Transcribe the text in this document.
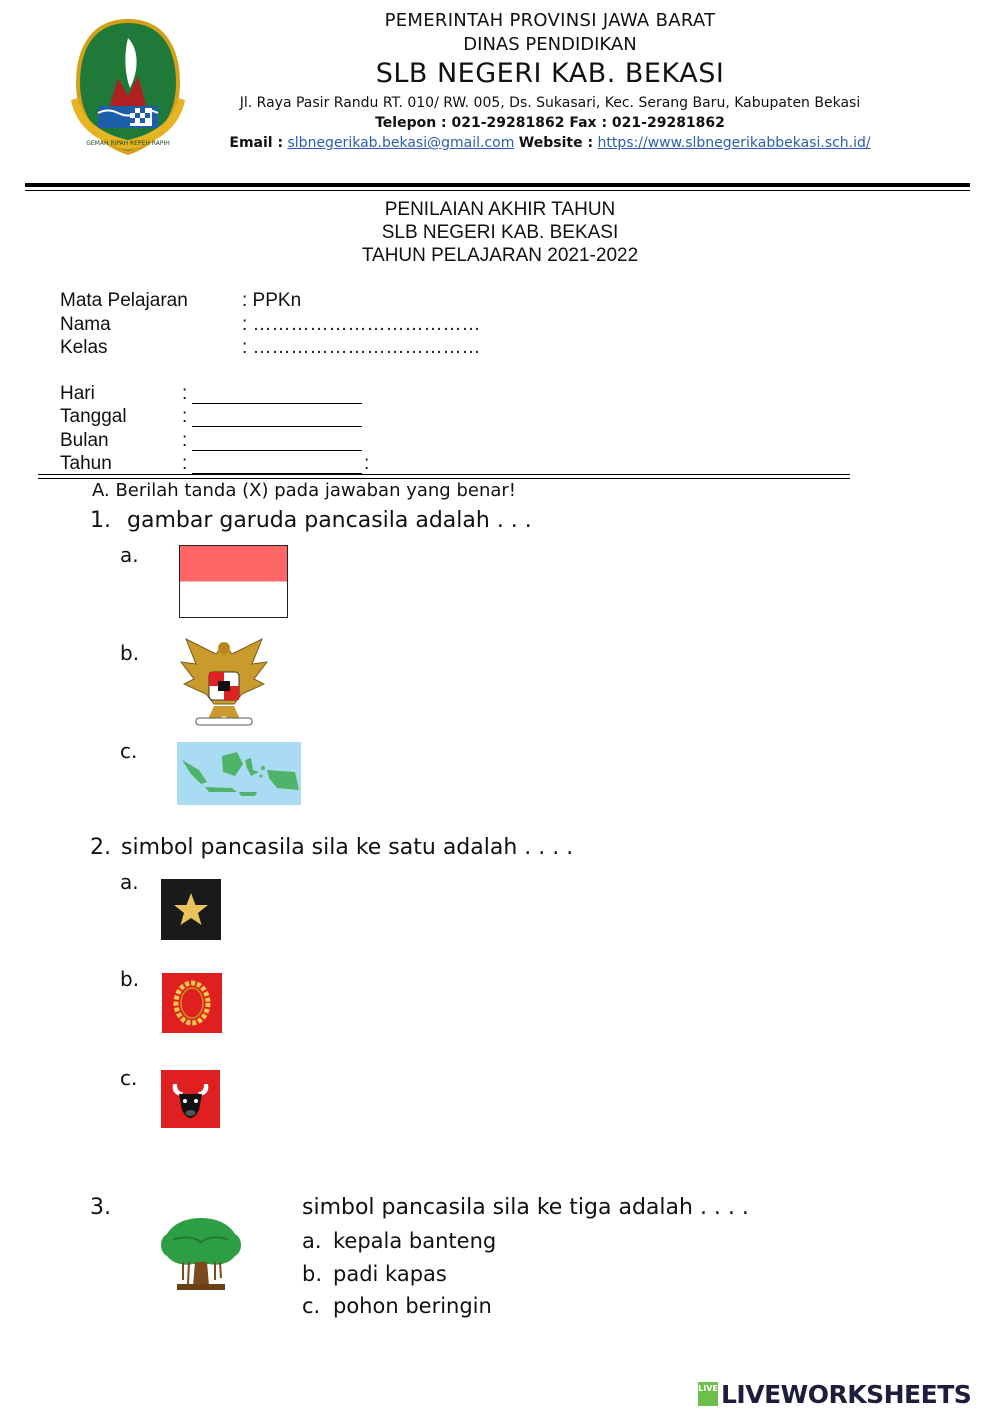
GEMAH RIPAH REPEH RAPIH
PEMERINTAH PROVINSI JAWA BARAT
DINAS PENDIDIKAN
SLB NEGERI KAB. BEKASI
Jl. Raya Pasir Randu RT. 010/ RW. 005, Ds. Sukasari, Kec. Serang Baru, Kabupaten Bekasi
Telepon : 021-29281862 Fax : 021-29281862
Email : slbnegerikab.bekasi@gmail.com Website : https://www.slbnegerikabbekasi.sch.id/
PENILAIAN AKHIR TAHUN
SLB NEGERI KAB. BEKASI
TAHUN PELAJARAN 2021-2022
Mata Pelajaran	: PPKn
Nama	: ………………………………
Kelas	: ………………………………
Hari	:
Tanggal	:
Bulan	:
Tahun	:	:
A. Berilah tanda (X) pada jawaban yang benar!
1. gambar garuda pancasila adalah . . .
a.
b.
c.
2. simbol pancasila sila ke satu adalah . . . .
a.
b.
c.
3.	simbol pancasila sila ke tiga adalah . . . .
a. kepala banteng
b. padi kapas
c. pohon beringin
LIVE LIVEWORKSHEETS
